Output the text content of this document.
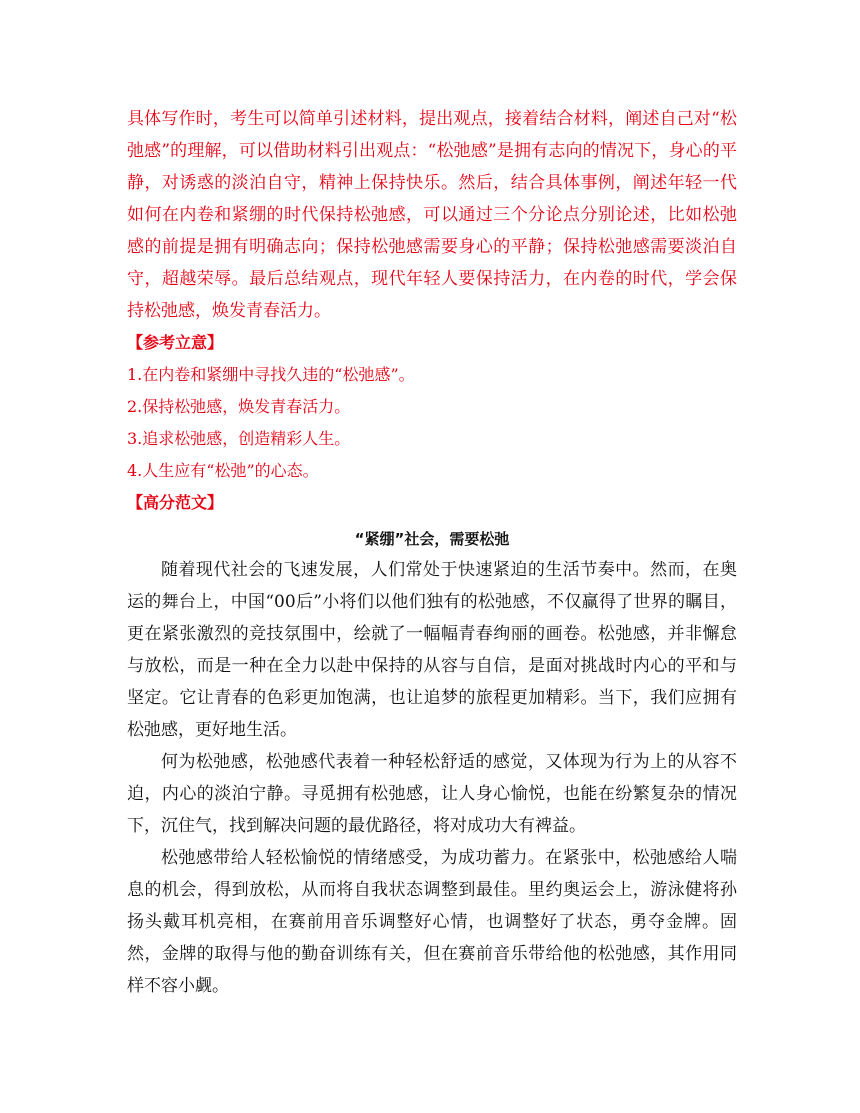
具体写作时，考生可以简单引述材料，提出观点，接着结合材料，阐述自己对“松弛感”的理解，可以借助材料引出观点：“松弛感”是拥有志向的情况下，身心的平静，对诱惑的淡泊自守，精神上保持快乐。然后，结合具体事例，阐述年轻一代如何在内卷和紧绷的时代保持松弛感，可以通过三个分论点分别论述，比如松弛感的前提是拥有明确志向；保持松弛感需要身心的平静；保持松弛感需要淡泊自守，超越荣辱。最后总结观点，现代年轻人要保持活力，在内卷的时代，学会保持松弛感，焕发青春活力。

【参考立意】

1.在内卷和紧绷中寻找久违的“松弛感”。
2.保持松弛感，焕发青春活力。
3.追求松弛感，创造精彩人生。
4.人生应有“松弛”的心态。

【高分范文】

“紧绷”社会，需要松弛

随着现代社会的飞速发展，人们常处于快速紧迫的生活节奏中。然而，在奥运的舞台上，中国“00后”小将们以他们独有的松弛感，不仅赢得了世界的瞩目，更在紧张激烈的竞技氛围中，绘就了一幅幅青春绚丽的画卷。松弛感，并非懈怠与放松，而是一种在全力以赴中保持的从容与自信，是面对挑战时内心的平和与坚定。它让青春的色彩更加饱满，也让追梦的旅程更加精彩。当下，我们应拥有松弛感，更好地生活。

何为松弛感，松弛感代表着一种轻松舒适的感觉，又体现为行为上的从容不迫，内心的淡泊宁静。寻觅拥有松弛感，让人身心愉悦，也能在纷繁复杂的情况下，沉住气，找到解决问题的最优路径，将对成功大有裨益。

松弛感带给人轻松愉悦的情绪感受，为成功蓄力。在紧张中，松弛感给人喘息的机会，得到放松，从而将自我状态调整到最佳。里约奥运会上，游泳健将孙扬头戴耳机亮相，在赛前用音乐调整好心情，也调整好了状态，勇夺金牌。固然，金牌的取得与他的勤奋训练有关，但在赛前音乐带给他的松弛感，其作用同样不容小觑。
